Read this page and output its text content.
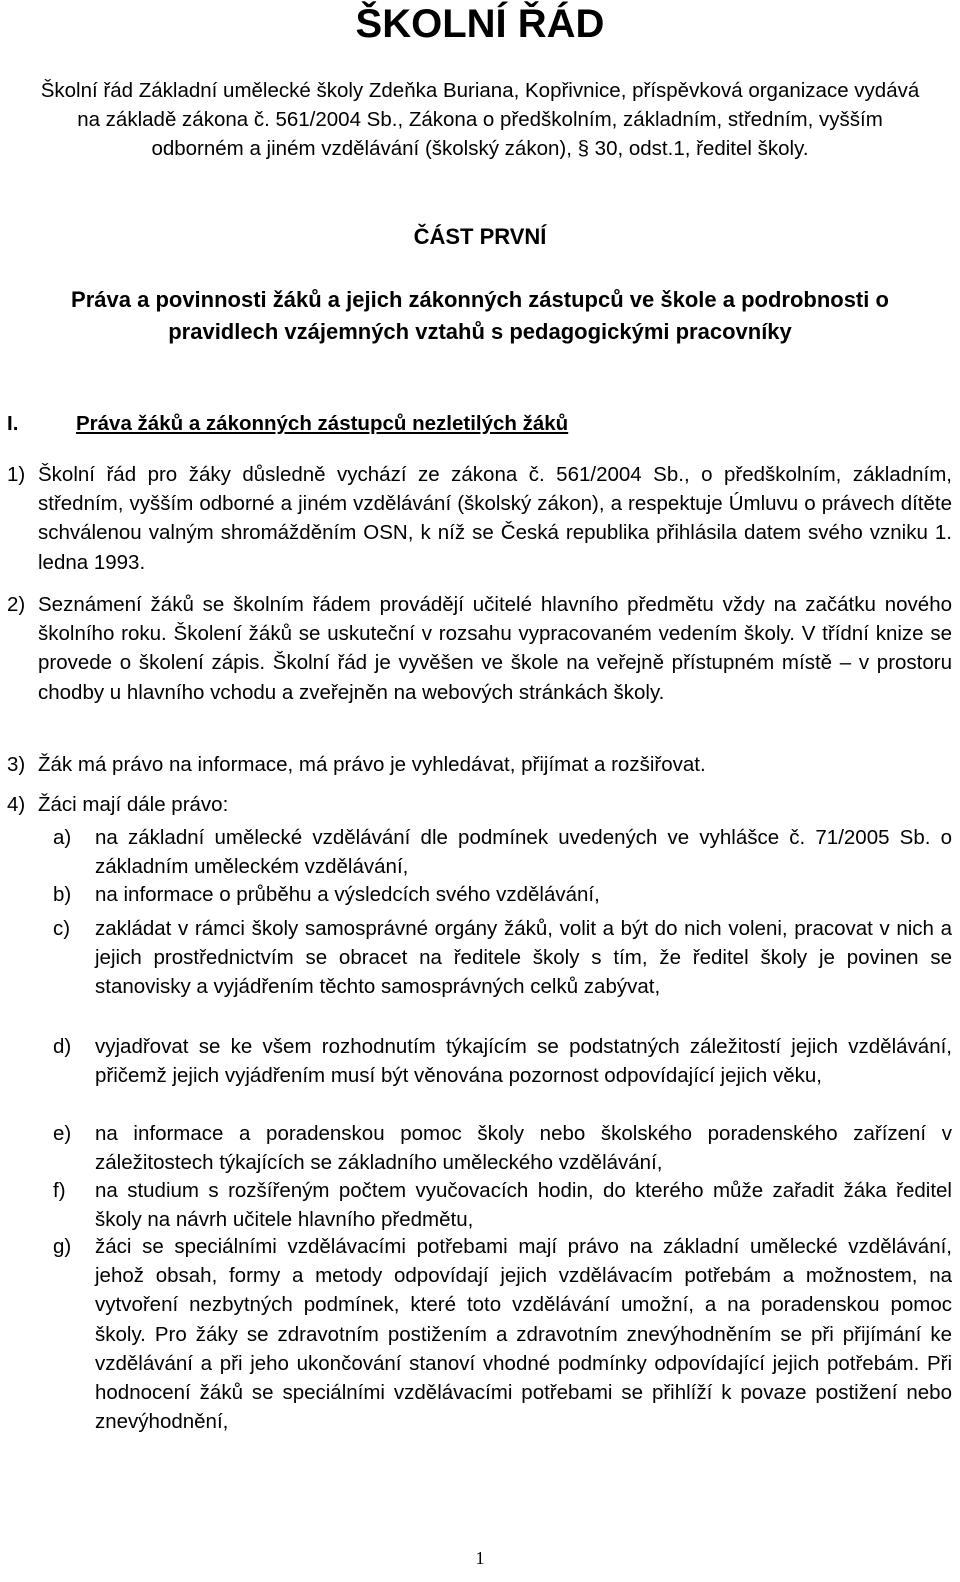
ŠKOLNÍ ŘÁD
Školní řád Základní umělecké školy Zdeňka Buriana, Kopřivnice, příspěvková organizace vydává na základě zákona č. 561/2004 Sb., Zákona o předškolním, základním, středním, vyšším odborném a jiném vzdělávání (školský zákon), § 30, odst.1, ředitel školy.
ČÁST PRVNÍ
Práva a povinnosti žáků a jejich zákonných zástupců ve škole a podrobnosti o pravidlech vzájemných vztahů s pedagogickými pracovníky
I.	Práva žáků a zákonných zástupců nezletilých žáků
1) Školní řád pro žáky důsledně vychází ze zákona č. 561/2004 Sb., o předškolním, základním, středním, vyšším odborné a jiném vzdělávání (školský zákon), a respektuje Úmluvu o právech dítěte schválenou valným shromážděním OSN, k níž se Česká republika přihlásila datem svého vzniku 1. ledna 1993.
2) Seznámení žáků se školním řádem provádějí učitelé hlavního předmětu vždy na začátku nového školního roku. Školení žáků se uskuteční v rozsahu vypracovaném vedením školy. V třídní knize se provede o školení zápis. Školní řád je vyvěšen ve škole na veřejně přístupném místě – v prostoru chodby u hlavního vchodu a zveřejněn na webových stránkách školy.
3) Žák má právo na informace, má právo je vyhledávat, přijímat a rozšiřovat.
4) Žáci mají dále právo:
a) na základní umělecké vzdělávání dle podmínek uvedených ve vyhlášce č. 71/2005 Sb. o základním uměleckém vzdělávání,
b) na informace o průběhu a výsledcích svého vzdělávání,
c) zakládat v rámci školy samosprávné orgány žáků, volit a být do nich voleni, pracovat v nich a jejich prostřednictvím se obracet na ředitele školy s tím, že ředitel školy je povinen se stanovisky a vyjádřením těchto samosprávných celků zabývat,
d) vyjadřovat se ke všem rozhodnutím týkajícím se podstatných záležitostí jejich vzdělávání, přičemž jejich vyjádřením musí být věnována pozornost odpovídající jejich věku,
e) na informace a poradenskou pomoc školy nebo školského poradenského zařízení v záležitostech týkajících se základního uměleckého vzdělávání,
f) na studium s rozšířeným počtem vyučovacích hodin, do kterého může zařadit žáka ředitel školy na návrh učitele hlavního předmětu,
g) žáci se speciálními vzdělávacími potřebami mají právo na základní umělecké vzdělávání, jehož obsah, formy a metody odpovídají jejich vzdělávacím potřebám a možnostem, na vytvoření nezbytných podmínek, které toto vzdělávání umožní, a na poradenskou pomoc školy. Pro žáky se zdravotním postižením a zdravotním znevýhodněním se při přijímání ke vzdělávání a při jeho ukončování stanoví vhodné podmínky odpovídající jejich potřebám. Při hodnocení žáků se speciálními vzdělávacími potřebami se přihlíží k povaze postižení nebo znevýhodnění,
1
